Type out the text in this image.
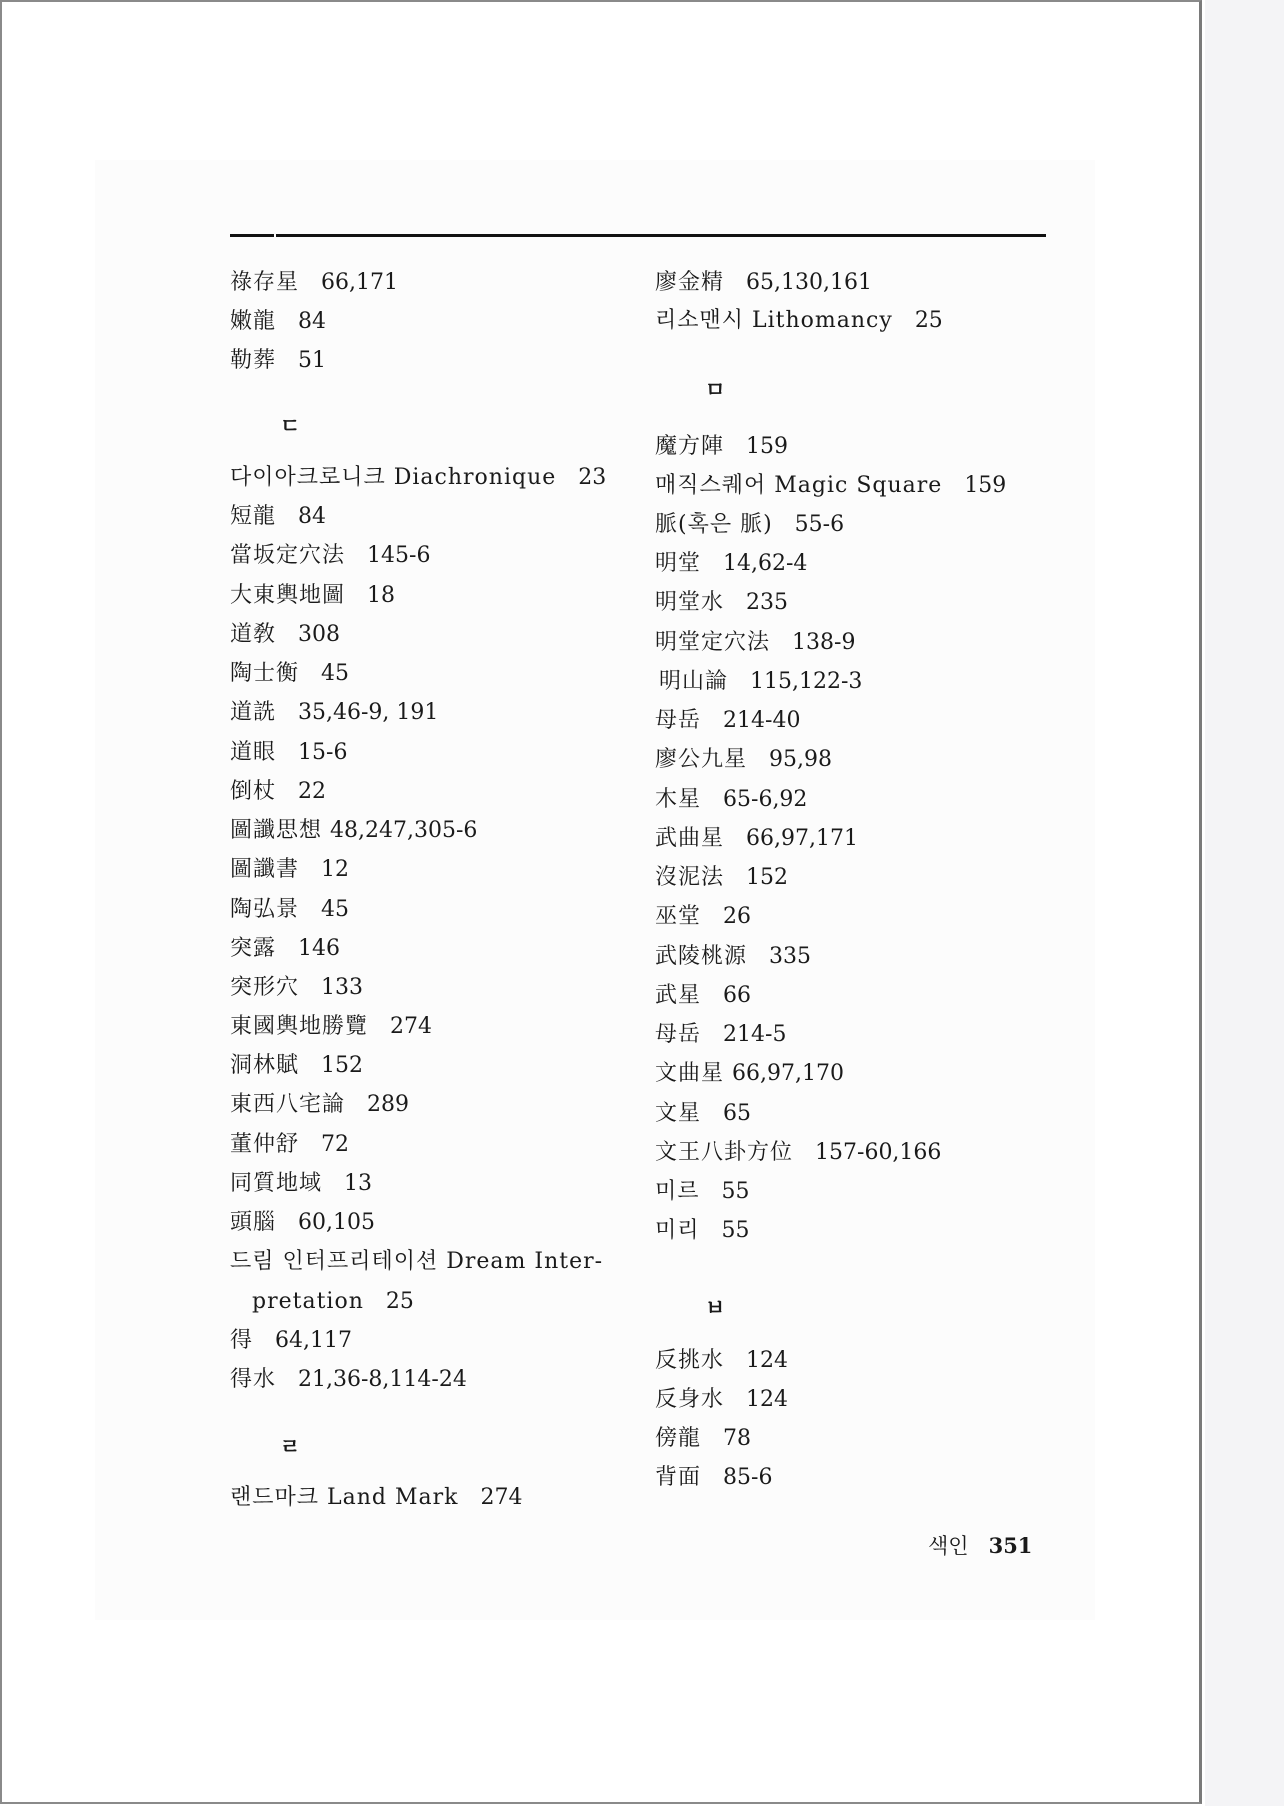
祿存星 66,171
嫩龍 84
勒葬 51
ㄷ
다이아크로니크 Diachronique 23
短龍 84
當坂定穴法 145-6
大東輿地圖 18
道敎 308
陶士衡 45
道詵 35,46-9, 191
道眼 15-6
倒杖 22
圖讖思想 48,247,305-6
圖讖書 12
陶弘景 45
突露 146
突形穴 133
東國輿地勝覽 274
洞林賦 152
東西八宅論 289
董仲舒 72
同質地域 13
頭腦 60,105
드림 인터프리테이션 Dream Inter-
pretation 25
得 64,117
得水 21,36-8,114-24
ㄹ
랜드마크 Land Mark 274
廖金精 65,130,161
리소맨시 Lithomancy 25
ㅁ
魔方陣 159
매직스퀘어 Magic Square 159
脈(혹은 脈) 55-6
明堂 14,62-4
明堂水 235
明堂定穴法 138-9
明山論 115,122-3
母岳 214-40
廖公九星 95,98
木星 65-6,92
武曲星 66,97,171
沒泥法 152
巫堂 26
武陵桃源 335
武星 66
母岳 214-5
文曲星 66,97,170
文星 65
文王八卦方位 157-60,166
미르 55
미리 55
ㅂ
反挑水 124
反身水 124
傍龍 78
背面 85-6
색인 351
